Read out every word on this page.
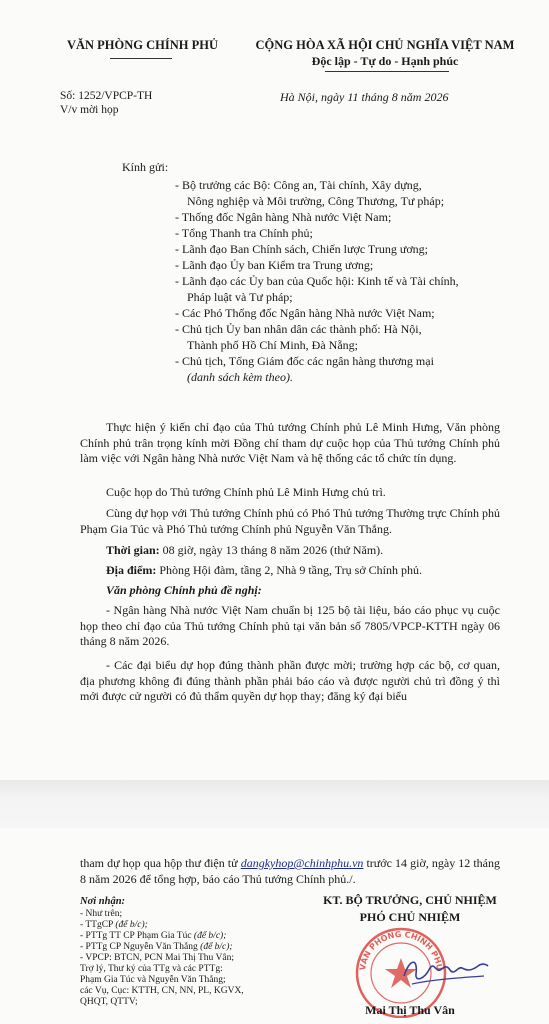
VĂN PHÒNG CHÍNH PHỦ	CỘNG HÒA XÃ HỘI CHỦ NGHĨA VIỆT NAM
Độc lập - Tự do - Hạnh phúc
Số: 1252/VPCP-TH
V/v mời họp
Hà Nội, ngày 11 tháng 8 năm 2026
Kính gửi:
- Bộ trưởng các Bộ: Công an, Tài chính, Xây dựng,
Nông nghiệp và Môi trường, Công Thương, Tư pháp;
- Thống đốc Ngân hàng Nhà nước Việt Nam;
- Tổng Thanh tra Chính phủ;
- Lãnh đạo Ban Chính sách, Chiến lược Trung ương;
- Lãnh đạo Ủy ban Kiểm tra Trung ương;
- Lãnh đạo các Ủy ban của Quốc hội: Kinh tế và Tài chính,
Pháp luật và Tư pháp;
- Các Phó Thống đốc Ngân hàng Nhà nước Việt Nam;
- Chủ tịch Ủy ban nhân dân các thành phố: Hà Nội,
Thành phố Hồ Chí Minh, Đà Nẵng;
- Chủ tịch, Tổng Giám đốc các ngân hàng thương mại
(danh sách kèm theo).
Thực hiện ý kiến chỉ đạo của Thủ tướng Chính phủ Lê Minh Hưng, Văn phòng Chính phủ trân trọng kính mời Đồng chí tham dự cuộc họp của Thủ tướng Chính phủ làm việc với Ngân hàng Nhà nước Việt Nam và hệ thống các tổ chức tín dụng.
Cuộc họp do Thủ tướng Chính phủ Lê Minh Hưng chủ trì.
Cùng dự họp với Thủ tướng Chính phủ có Phó Thủ tướng Thường trực Chính phủ Phạm Gia Túc và Phó Thủ tướng Chính phủ Nguyễn Văn Thắng.
Thời gian: 08 giờ, ngày 13 tháng 8 năm 2026 (thứ Năm).
Địa điểm: Phòng Hội đàm, tầng 2, Nhà 9 tầng, Trụ sở Chính phủ.
Văn phòng Chính phủ đề nghị:
- Ngân hàng Nhà nước Việt Nam chuẩn bị 125 bộ tài liệu, báo cáo phục vụ cuộc họp theo chỉ đạo của Thủ tướng Chính phủ tại văn bản số 7805/VPCP-KTTH ngày 06 tháng 8 năm 2026.
- Các đại biểu dự họp đúng thành phần được mời; trường hợp các bộ, cơ quan, địa phương không đi đúng thành phần phải báo cáo và được người chủ trì đồng ý thì mới được cử người có đủ thẩm quyền dự họp thay; đăng ký đại biểu
tham dự họp qua hộp thư điện tử dangkyhop@chinhphu.vn trước 14 giờ, ngày 12 tháng 8 năm 2026 để tổng hợp, báo cáo Thủ tướng Chính phủ./.
Nơi nhận:
- Như trên;
- TTgCP (để b/c);
- PTTg TT CP Phạm Gia Túc (để b/c);
- PTTg CP Nguyễn Văn Thắng (để b/c);
- VPCP: BTCN, PCN Mai Thị Thu Vân;
Trợ lý, Thư ký của TTg và các PTTg:
Phạm Gia Túc và Nguyễn Văn Thắng;
các Vụ, Cục: KTTH, CN, NN, PL, KGVX,
QHQT, QTTV;
KT. BỘ TRƯỞNG, CHỦ NHIỆM
VĂN PHÒNG CHÍNH PHỦ
PHÓ CHỦ NHIỆM
Mai Thị Thu Vân
